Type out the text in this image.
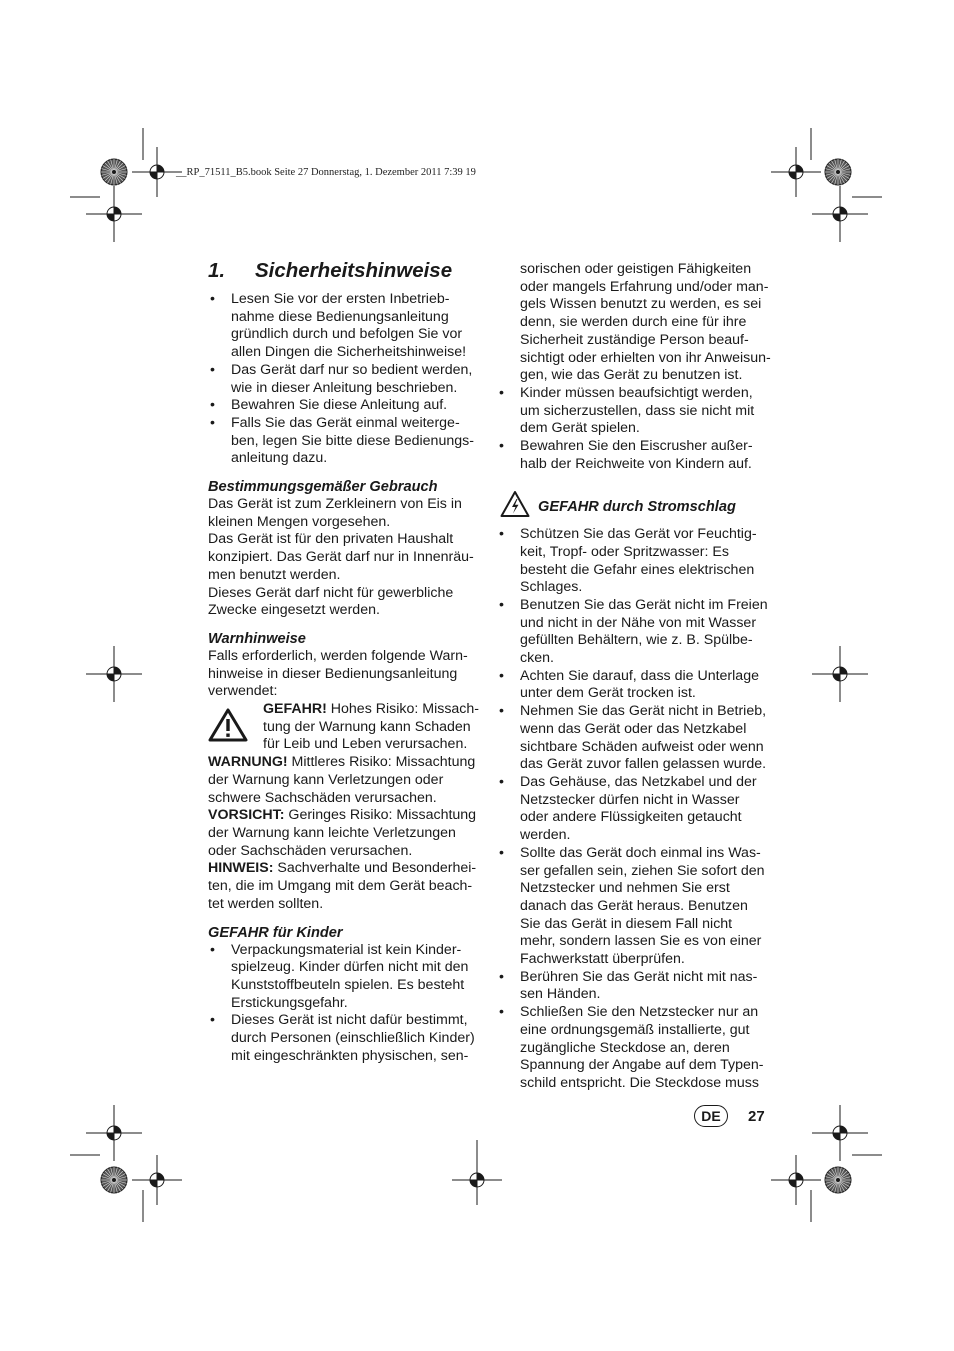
__RP_71511_B5.book Seite 27 Donnerstag, 1. Dezember 2011 7:39 19
1.	Sicherheitshinweise
• Lesen Sie vor der ersten Inbetrieb-
nahme diese Bedienungsanleitung
gründlich durch und befolgen Sie vor
allen Dingen die Sicherheitshinweise!
• Das Gerät darf nur so bedient werden,
wie in dieser Anleitung beschrieben.
• Bewahren Sie diese Anleitung auf.
• Falls Sie das Gerät einmal weiterge-
ben, legen Sie bitte diese Bedienungs-
anleitung dazu.
Bestimmungsgemäßer Gebrauch

Das Gerät ist zum Zerkleinern von Eis in
kleinen Mengen vorgesehen.
Das Gerät ist für den privaten Haushalt
konzipiert. Das Gerät darf nur in Innenräu-
men benutzt werden.
Dieses Gerät darf nicht für gewerbliche
Zwecke eingesetzt werden.

Warnhinweise

Falls erforderlich, werden folgende Warn-
hinweise in dieser Bedienungsanleitung
verwendet:

GEFAHR! Hohes Risiko: Missach-
tung der Warnung kann Schaden
für Leib und Leben verursachen.

WARNUNG! Mittleres Risiko: Missachtung
der Warnung kann Verletzungen oder
schwere Sachschäden verursachen.

VORSICHT: Geringes Risiko: Missachtung
der Warnung kann leichte Verletzungen
oder Sachschäden verursachen.

HINWEIS: Sachverhalte und Besonderhei-
ten, die im Umgang mit dem Gerät beach-
tet werden sollten.

GEFAHR für Kinder
• Verpackungsmaterial ist kein Kinder-
spielzeug. Kinder dürfen nicht mit den
Kunststoffbeuteln spielen. Es besteht
Erstickungsgefahr.
• Dieses Gerät ist nicht dafür bestimmt,
durch Personen (einschließlich Kinder)
mit eingeschränkten physischen, sen-

sorischen oder geistigen Fähigkeiten
oder mangels Erfahrung und/oder man-
gels Wissen benutzt zu werden, es sei
denn, sie werden durch eine für ihre
Sicherheit zuständige Person beauf-
sichtigt oder erhielten von ihr Anweisun-
gen, wie das Gerät zu benutzen ist.

• Kinder müssen beaufsichtigt werden,
um sicherzustellen, dass sie nicht mit
dem Gerät spielen.
• Bewahren Sie den Eiscrusher außer-
halb der Reichweite von Kindern auf.
GEFAHR durch Stromschlag
• Schützen Sie das Gerät vor Feuchtig-
keit, Tropf- oder Spritzwasser: Es
besteht die Gefahr eines elektrischen
Schlages.
• Benutzen Sie das Gerät nicht im Freien
und nicht in der Nähe von mit Wasser
gefüllten Behältern, wie z. B. Spülbe-
cken.
• Achten Sie darauf, dass die Unterlage
unter dem Gerät trocken ist.
• Nehmen Sie das Gerät nicht in Betrieb,
wenn das Gerät oder das Netzkabel
sichtbare Schäden aufweist oder wenn
das Gerät zuvor fallen gelassen wurde.
• Das Gehäuse, das Netzkabel und der
Netzstecker dürfen nicht in Wasser
oder andere Flüssigkeiten getaucht
werden.
• Sollte das Gerät doch einmal ins Was-
ser gefallen sein, ziehen Sie sofort den
Netzstecker und nehmen Sie erst
danach das Gerät heraus. Benutzen
Sie das Gerät in diesem Fall nicht
mehr, sondern lassen Sie es von einer
Fachwerkstatt überprüfen.
• Berühren Sie das Gerät nicht mit nas-
sen Händen.
• Schließen Sie den Netzstecker nur an
eine ordnungsgemäß installierte, gut
zugängliche Steckdose an, deren
Spannung der Angabe auf dem Typen-
schild entspricht. Die Steckdose muss
DE	27
